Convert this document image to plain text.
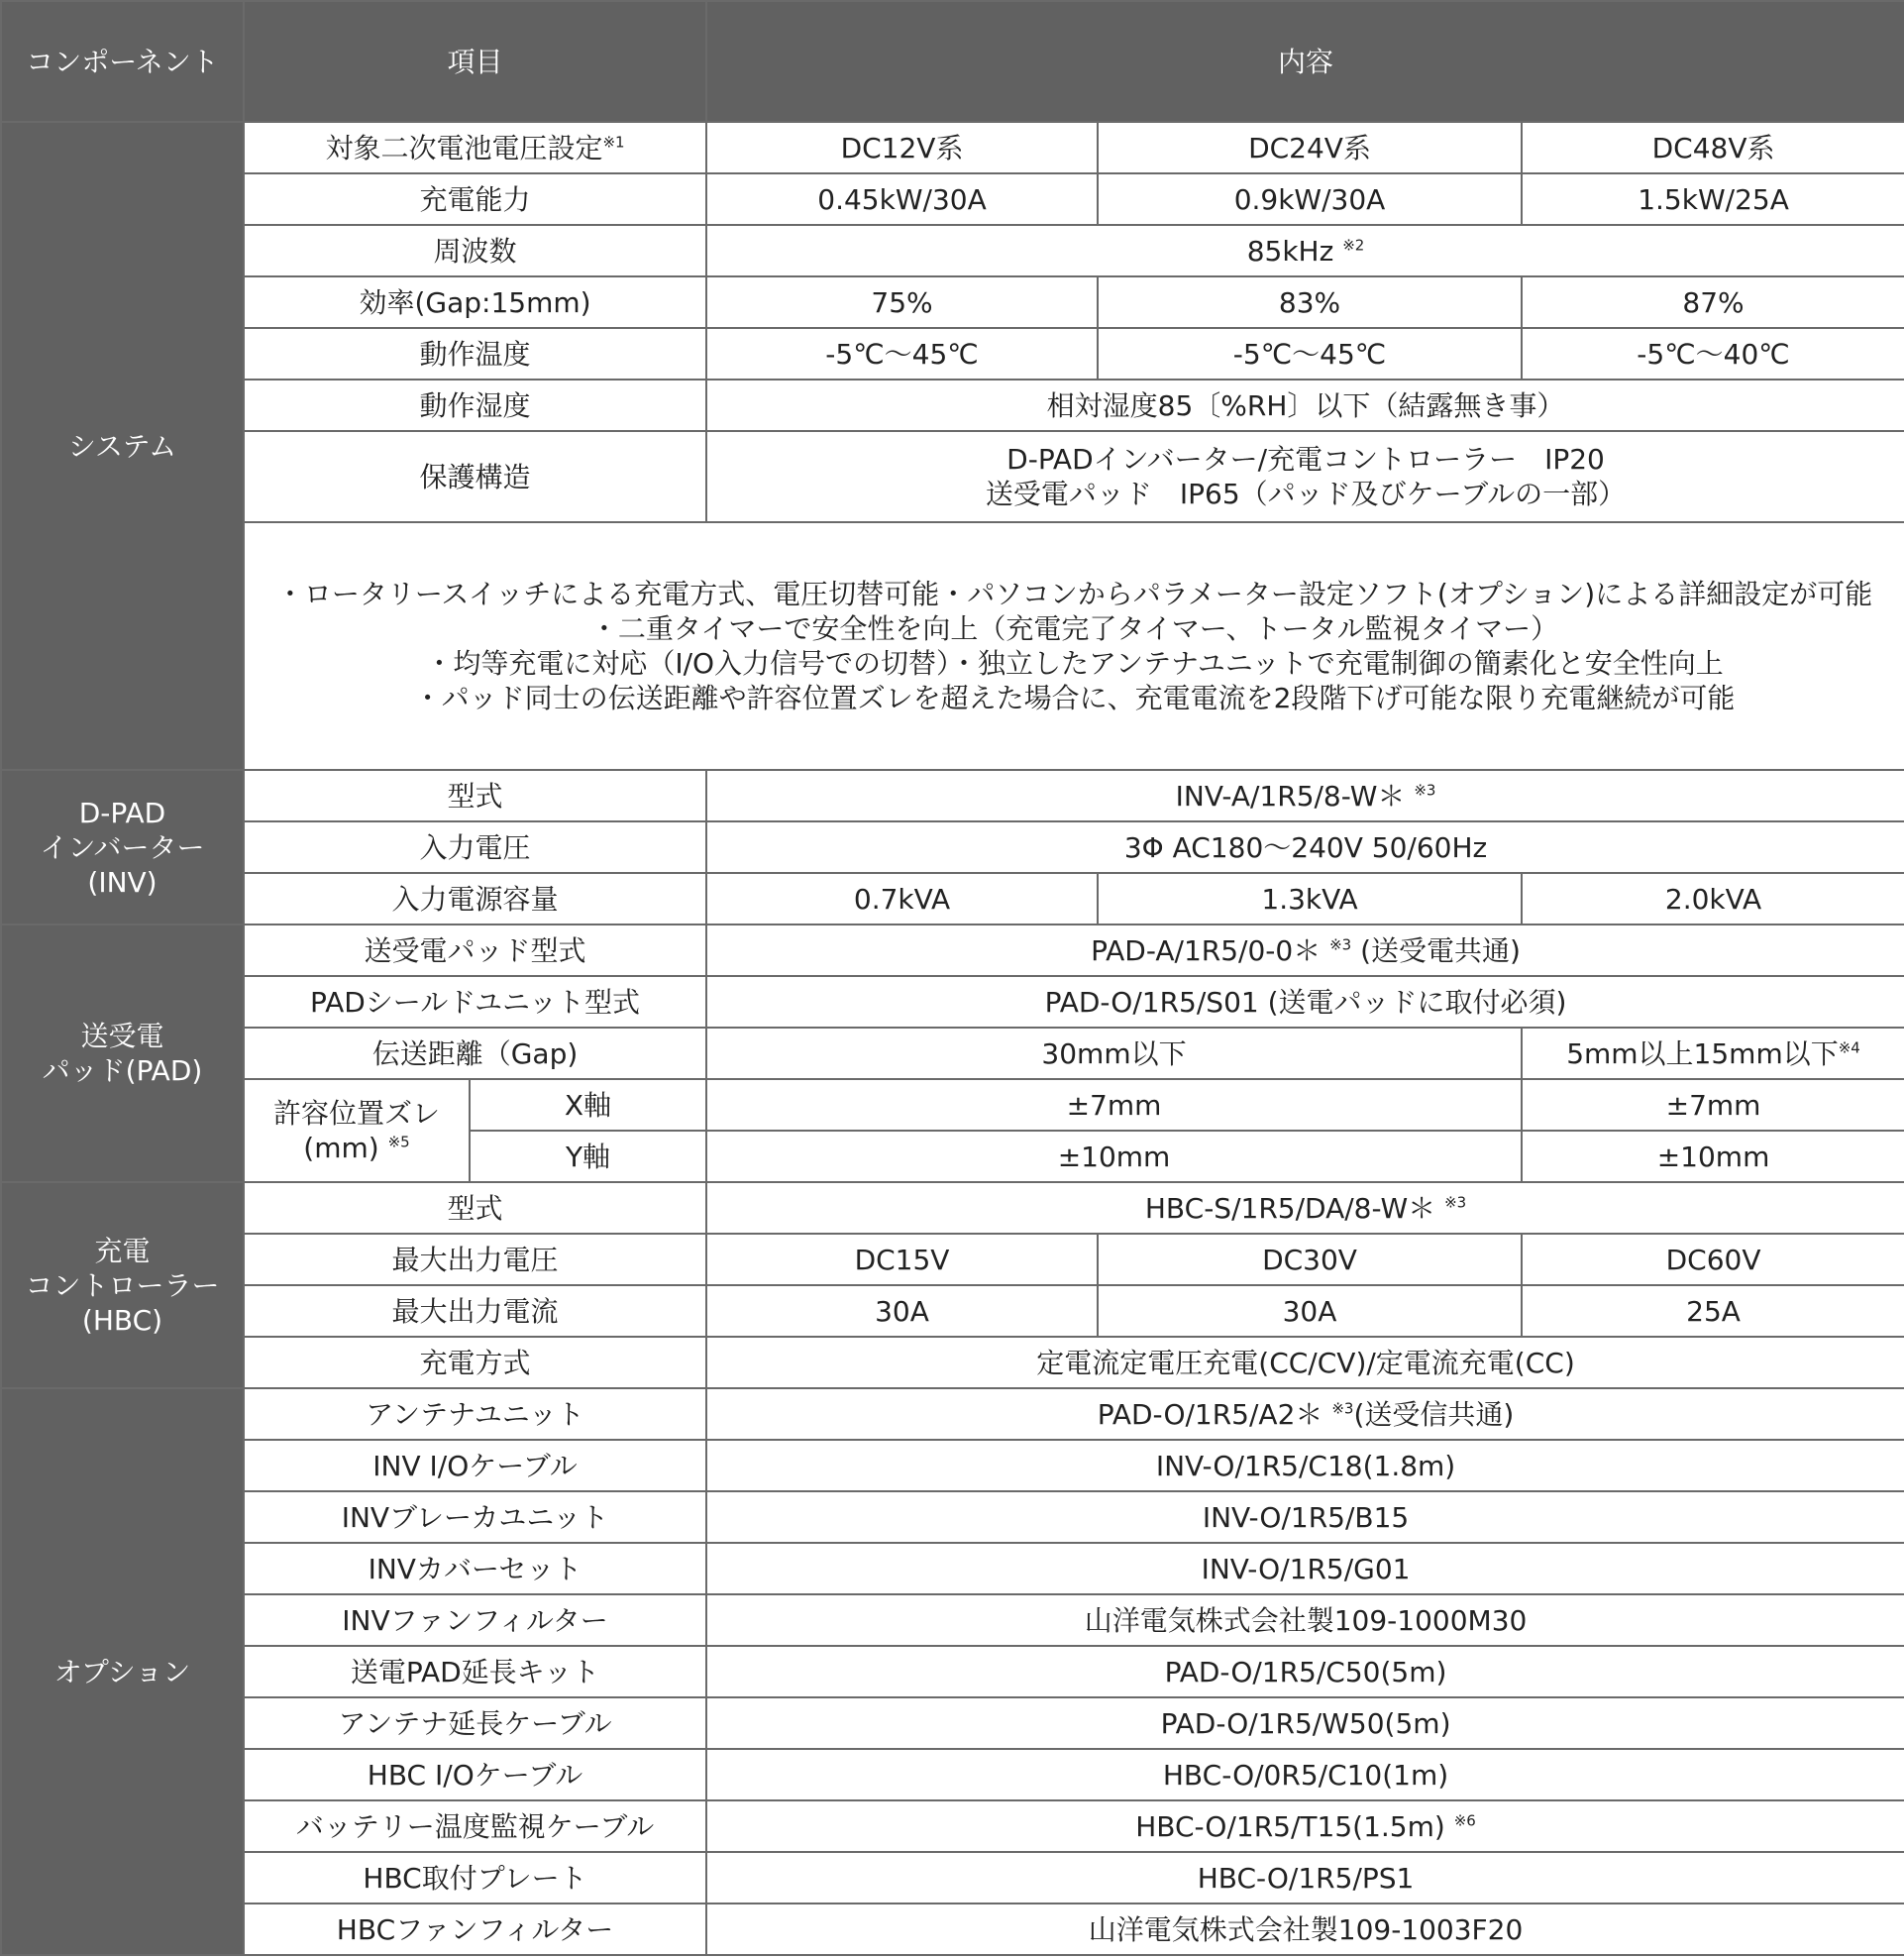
コンポーネント	項目		内容		
システム	対象二次電池電圧設定$^{※1}$		DC12V系	DC24V系	DC48V系
	充電能力		0.45kW/30A	0.9kW/30A	1.5kW/25A
	周波数		85kHz $^{※2}$
	効率(Gap:15mm)		75%	83%	87%
	動作温度		-5℃～45℃	-5℃～45℃	-5℃～40℃
	動作湿度		相対湿度85〔%RH〕以下（結露無き事）		
	保護構造		D-PADインバーター/充電コントローラー　IP20
送受電パッド　IP65（パッド及びケーブルの一部）		

	・ロータリースイッチによる充電方式、電圧切替可能・パソコンからパラメーター設定ソフト(オプション)による詳細設定が可能
・二重タイマーで安全性を向上（充電完了タイマー、トータル監視タイマー）
・均等充電に対応（I/O入力信号での切替）・独立したアンテナユニットで充電制御の簡素化と安全性向上
・パッド同士の伝送距離や許容位置ズレを超えた場合に、充電電流を2段階下げ可能な限り充電継続が可能				

D-PAD
インバーター
(INV)	型式		INV-A/1R5/8-W＊ $^{※3}$
	入力電圧		3Φ AC180～240V 50/60Hz		
	入力電源容量		0.7kVA	1.3kVA	2.0kVA

送受電
パッド(PAD)	送受電パッド型式		PAD-A/1R5/0-0＊ $^{※3}$ (送受電共通)		
	PADシールドユニット型式		PAD-O/1R5/S01 (送電パッドに取付必須)		
	伝送距離（Gap)		30mm以下		5mm以上15mm以下$^{※4}$

	許容位置ズレ
(mm) $^{※5}$	X軸	±7mm		±7mm
		Y軸	±10mm		±10mm

充電
コントローラー
(HBC)	型式		HBC-S/1R5/DA/8-W＊ $^{※3}$
	最大出力電圧		DC15V	DC30V	DC60V
	最大出力電流		30A	30A	25A
	充電方式		定電流定電圧充電(CC/CV)/定電流充電(CC)		
オプション	アンテナユニット		PAD-O/1R5/A2＊ $^{※3}$(送受信共通)		
	INV I/Oケーブル		INV-O/1R5/C18(1.8m)		
	INVブレーカユニット		INV-O/1R5/B15		
	INVカバーセット		INV-O/1R5/G01		
	INVファンフィルター		山洋電気株式会社製109-1000M30		
	送電PAD延長キット		PAD-O/1R5/C50(5m)		
	アンテナ延長ケーブル		PAD-O/1R5/W50(5m)		
	HBC I/Oケーブル		HBC-O/0R5/C10(1m)		
	バッテリー温度監視ケーブル		HBC-O/1R5/T15(1.5m) $^{※6}$
	HBC取付プレート		HBC-O/1R5/PS1		
	HBCファンフィルター		山洋電気株式会社製109-1003F20		
